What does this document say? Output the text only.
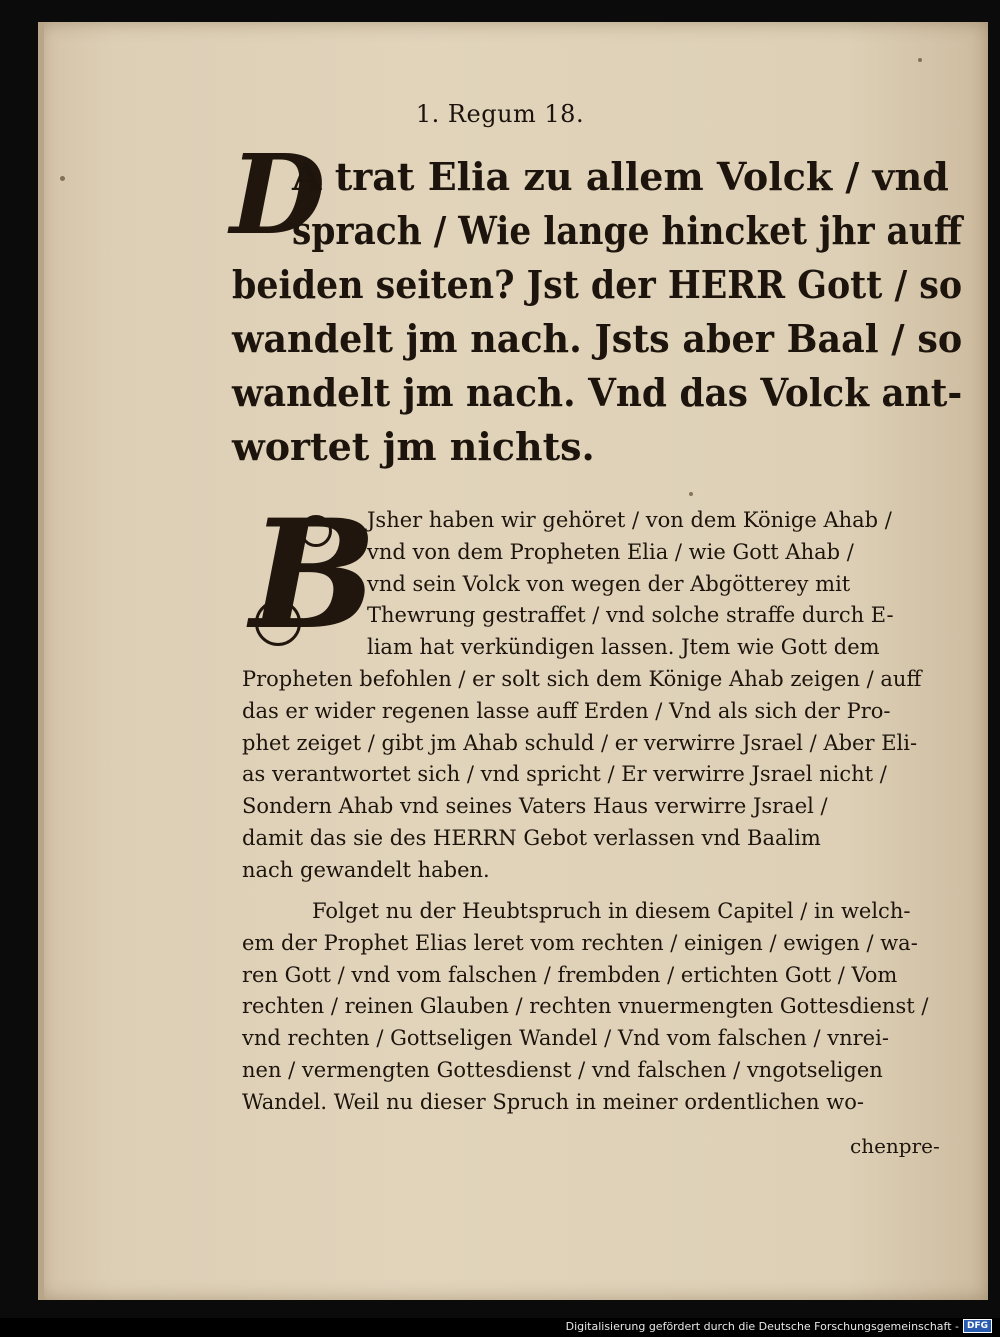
1. Regum 18.
D
A trat Elia zu allem Volck / vnd
sprach / Wie lange hincket jhr auff
beiden seiten? Jst der HERR Gott / so
wandelt jm nach. Jsts aber Baal / so
wandelt jm nach. Vnd das Volck ant-
wortet jm nichts.
B
Jsher haben wir gehöret / von dem Könige Ahab /
vnd von dem Propheten Elia / wie Gott Ahab /
vnd sein Volck von wegen der Abgötterey mit
Thewrung gestraffet / vnd solche straffe durch E-
liam hat verkündigen lassen. Jtem wie Gott dem
Propheten befohlen / er solt sich dem Könige Ahab zeigen / auff
das er wider regenen lasse auff Erden / Vnd als sich der Pro-
phet zeiget / gibt jm Ahab schuld / er verwirre Jsrael / Aber Eli-
as verantwortet sich / vnd spricht / Er verwirre Jsrael nicht /
Sondern Ahab vnd seines Vaters Haus verwirre Jsrael /
damit das sie des HERRN Gebot verlassen vnd Baalim
nach gewandelt haben.
Folget nu der Heubtspruch in diesem Capitel / in welch-
em der Prophet Elias leret vom rechten / einigen / ewigen / wa-
ren Gott / vnd vom falschen / frembden / ertichten Gott / Vom
rechten / reinen Glauben / rechten vnuermengten Gottesdienst /
vnd rechten / Gottseligen Wandel / Vnd vom falschen / vnrei-
nen / vermengten Gottesdienst / vnd falschen / vngotseligen
Wandel. Weil nu dieser Spruch in meiner ordentlichen wo-
chenpre-
Digitalisierung gefördert durch die Deutsche Forschungsgemeinschaft - DFG
